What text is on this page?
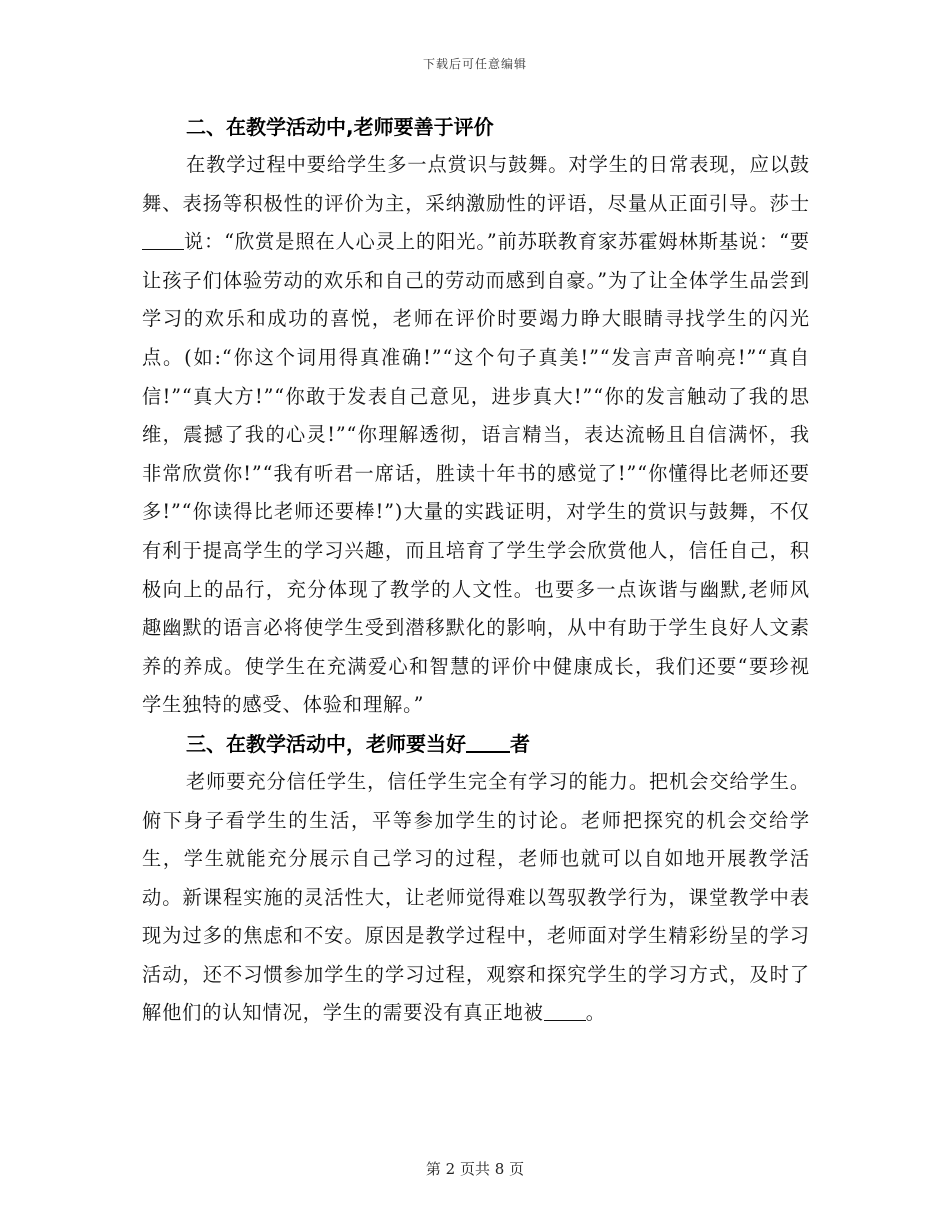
下载后可任意编辑

二、在教学活动中,老师要善于评价

在教学过程中要给学生多一点赏识与鼓舞。对学生的日常表现，应以鼓舞、表扬等积极性的评价为主，采纳激励性的评语，尽量从正面引导。莎士说：“欣赏是照在人心灵上的阳光。”前苏联教育家苏霍姆林斯基说：“要让孩子们体验劳动的欢乐和自己的劳动而感到自豪。”为了让全体学生品尝到学习的欢乐和成功的喜悦，老师在评价时要竭力睁大眼睛寻找学生的闪光点。(如:“你这个词用得真准确!”“这个句子真美!”“发言声音响亮!”“真自信!”“真大方!”“你敢于发表自己意见，进步真大!”“你的发言触动了我的思维，震撼了我的心灵!”“你理解透彻，语言精当，表达流畅且自信满怀，我非常欣赏你!”“我有听君一席话，胜读十年书的感觉了!”“你懂得比老师还要多!”“你读得比老师还要棒!”)大量的实践证明，对学生的赏识与鼓舞，不仅有利于提高学生的学习兴趣，而且培育了学生学会欣赏他人，信任自己，积极向上的品行，充分体现了教学的人文性。也要多一点诙谐与幽默,老师风趣幽默的语言必将使学生受到潜移默化的影响，从中有助于学生良好人文素养的养成。使学生在充满爱心和智慧的评价中健康成长，我们还要“要珍视学生独特的感受、体验和理解。”

三、在教学活动中，老师要当好 者

老师要充分信任学生，信任学生完全有学习的能力。把机会交给学生。俯下身子看学生的生活，平等参加学生的讨论。老师把探究的机会交给学生，学生就能充分展示自己学习的过程，老师也就可以自如地开展教学活动。新课程实施的灵活性大，让老师觉得难以驾驭教学行为，课堂教学中表现为过多的焦虑和不安。原因是教学过程中，老师面对学生精彩纷呈的学习活动，还不习惯参加学生的学习过程，观察和探究学生的学习方式，及时了解他们的认知情况，学生的需要没有真正地被 。

第 2 页共 8 页
